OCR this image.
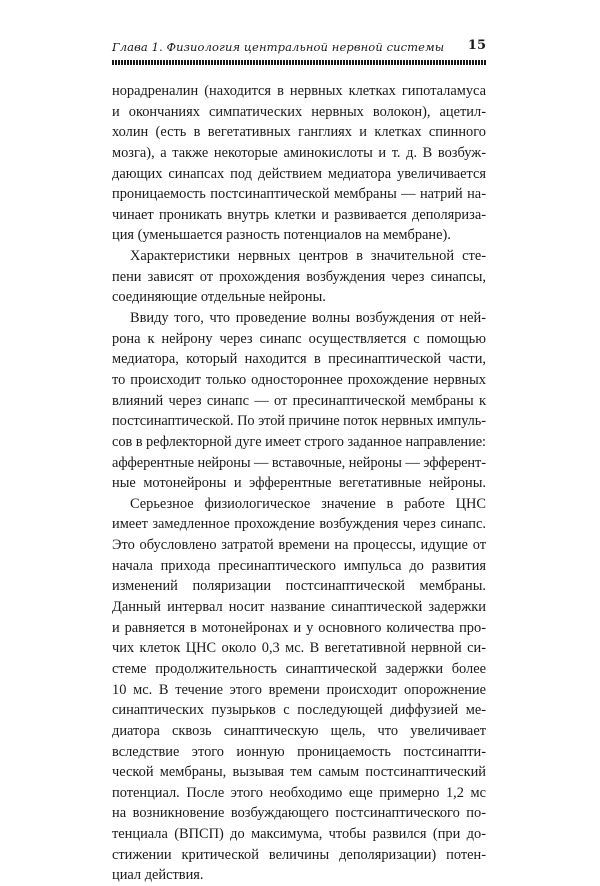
Глава 1. Физиология центральной нервной системы 15
норадреналин (находится в нервных клетках гипоталамуса
и окончаниях симпатических нервных волокон), ацетил-
холин (есть в вегетативных ганглиях и клетках спинного
мозга), а также некоторые аминокислоты и т. д. В возбуж-
дающих синапсах под действием медиатора увеличивается
проницаемость постсинаптической мембраны — натрий на-
чинает проникать внутрь клетки и развивается деполяриза-
ция (уменьшается разность потенциалов на мембране).
Характеристики нервных центров в значительной сте-
пени зависят от прохождения возбуждения через синапсы,
соединяющие отдельные нейроны.
Ввиду того, что проведение волны возбуждения от ней-
рона к нейрону через синапс осуществляется с помощью
медиатора, который находится в пресинаптической части,
то происходит только одностороннее прохождение нервных
влияний через синапс — от пресинаптической мембраны к
постсинаптической. По этой причине поток нервных импуль-
сов в рефлекторной дуге имеет строго заданное направление:
афферентные нейроны — вставочные, нейроны — эфферент-
ные мотонейроны и эфферентные вегетативные нейроны.
Серьезное физиологическое значение в работе ЦНС
имеет замедленное прохождение возбуждения через синапс.
Это обусловлено затратой времени на процессы, идущие от
начала прихода пресинаптического импульса до развития
изменений поляризации постсинаптической мембраны.
Данный интервал носит название синаптической задержки
и равняется в мотонейронах и у основного количества про-
чих клеток ЦНС около 0,3 мс. В вегетативной нервной си-
стеме продолжительность синаптической задержки более
10 мс. В течение этого времени происходит опорожнение
синаптических пузырьков с последующей диффузией ме-
диатора сквозь синаптическую щель, что увеличивает
вследствие этого ионную проницаемость постсинапти-
ческой мембраны, вызывая тем самым постсинаптический
потенциал. После этого необходимо еще примерно 1,2 мс
на возникновение возбуждающего постсинаптического по-
тенциала (ВПСП) до максимума, чтобы развился (при до-
стижении критической величины деполяризации) потен-
циал действия.
